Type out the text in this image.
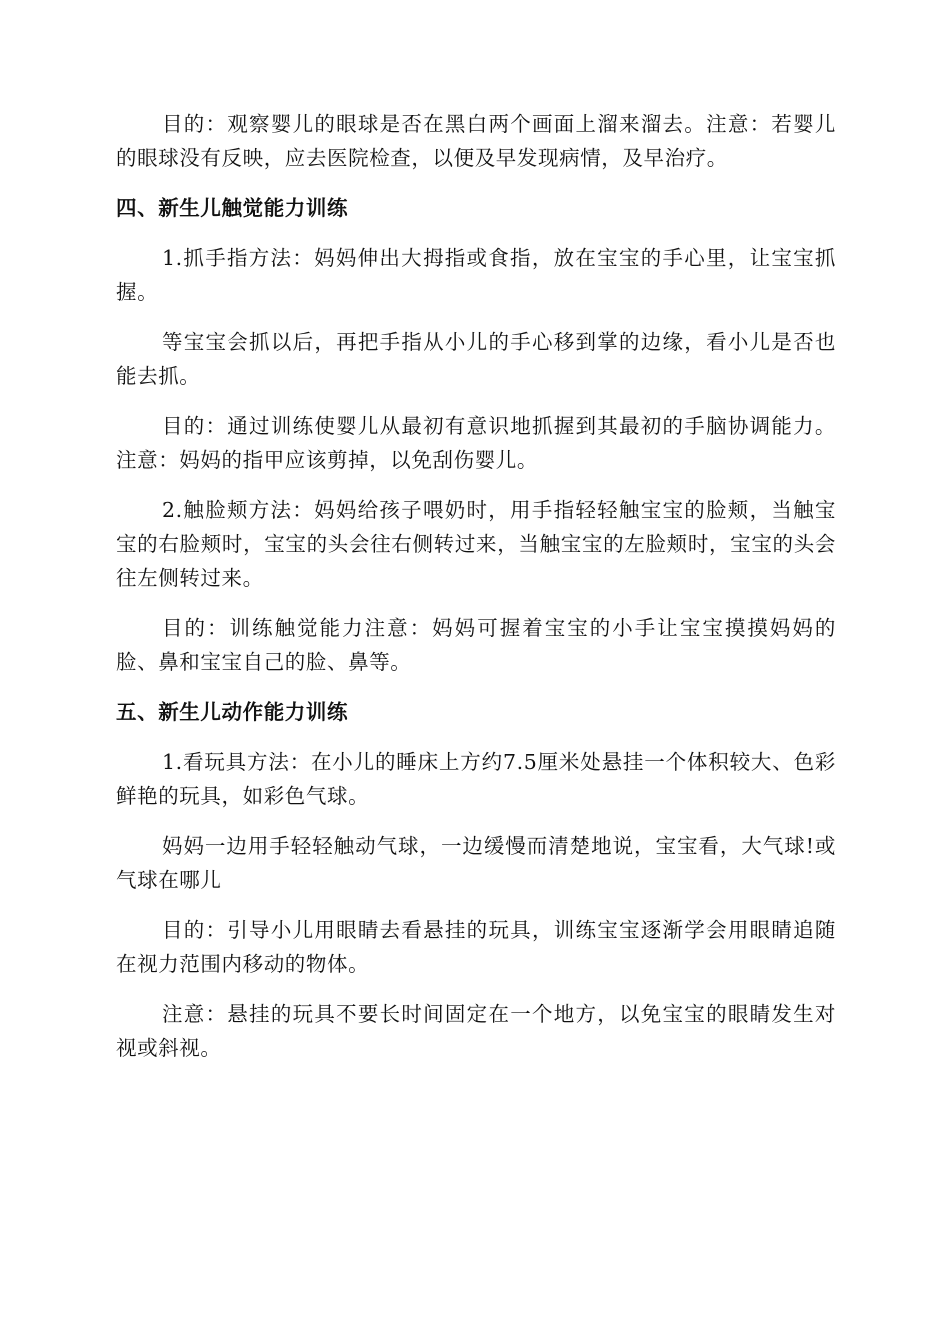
目的：观察婴儿的眼球是否在黑白两个画面上溜来溜去。注意：若婴儿的眼球没有反映，应去医院检查，以便及早发现病情，及早治疗。

四、新生儿触觉能力训练

1.抓手指方法：妈妈伸出大拇指或食指，放在宝宝的手心里，让宝宝抓握。

等宝宝会抓以后，再把手指从小儿的手心移到掌的边缘，看小儿是否也能去抓。

目的：通过训练使婴儿从最初有意识地抓握到其最初的手脑协调能力。注意：妈妈的指甲应该剪掉，以免刮伤婴儿。

2.触脸颊方法：妈妈给孩子喂奶时，用手指轻轻触宝宝的脸颊，当触宝宝的右脸颊时，宝宝的头会往右侧转过来，当触宝宝的左脸颊时，宝宝的头会往左侧转过来。

目的：训练触觉能力注意：妈妈可握着宝宝的小手让宝宝摸摸妈妈的脸、鼻和宝宝自己的脸、鼻等。

五、新生儿动作能力训练

1.看玩具方法：在小儿的睡床上方约7.5厘米处悬挂一个体积较大、色彩鲜艳的玩具，如彩色气球。

妈妈一边用手轻轻触动气球，一边缓慢而清楚地说，宝宝看，大气球!或气球在哪儿

目的：引导小儿用眼睛去看悬挂的玩具，训练宝宝逐渐学会用眼睛追随在视力范围内移动的物体。

注意：悬挂的玩具不要长时间固定在一个地方，以免宝宝的眼睛发生对视或斜视。
